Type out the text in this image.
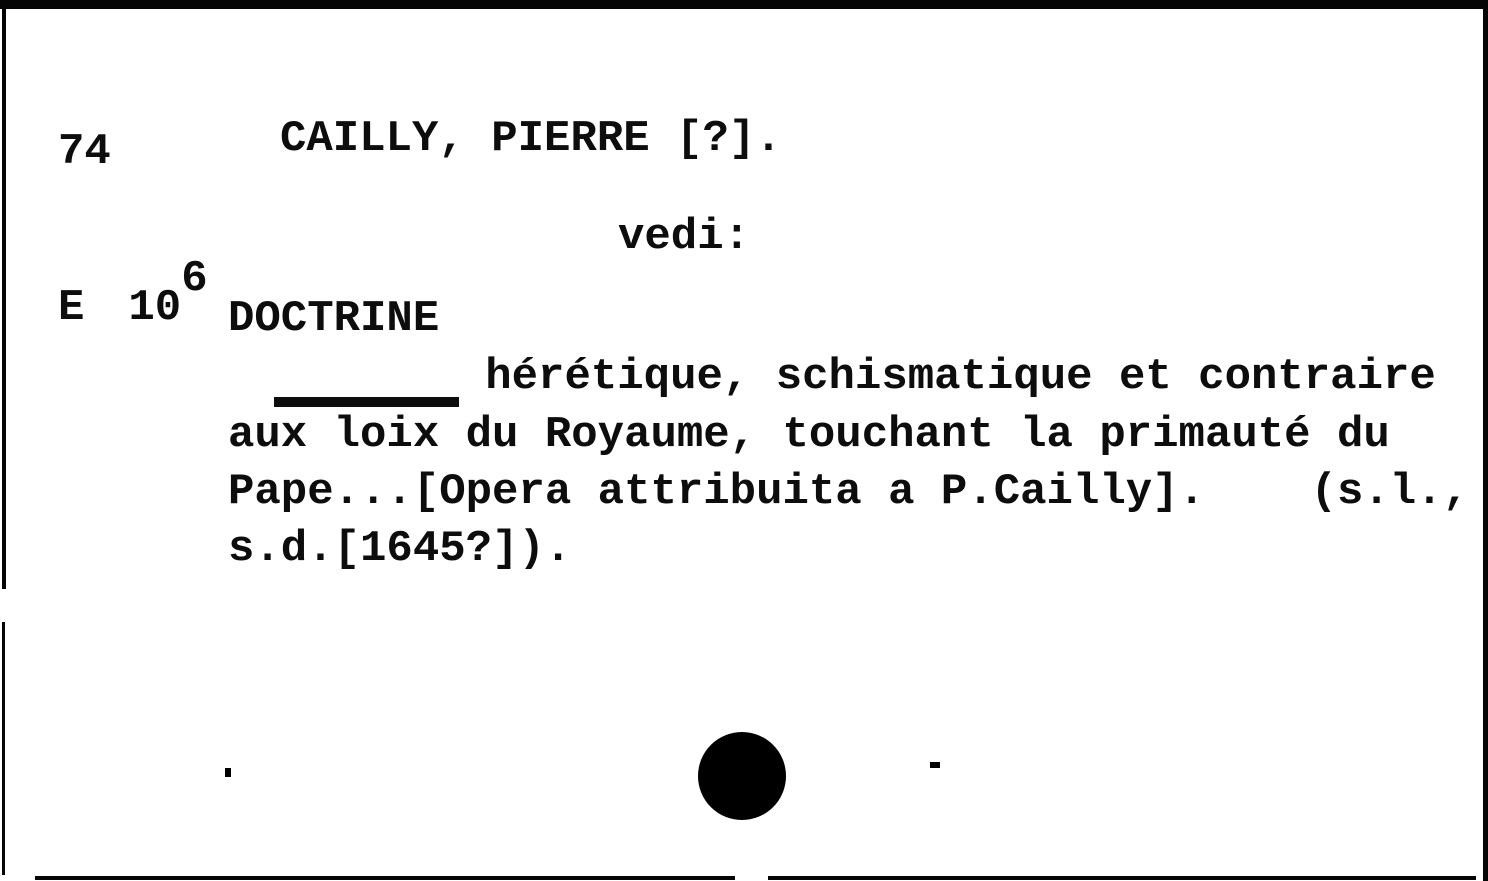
74

E 106

CAILLY, PIERRE [?].
vedi:
DOCTRINE
hérétique, schismatique et contraire
aux loix du Royaume, touchant la primauté du
Pape...[Opera attribuita a P.Cailly].    (s.l.,
s.d.[1645?]).
